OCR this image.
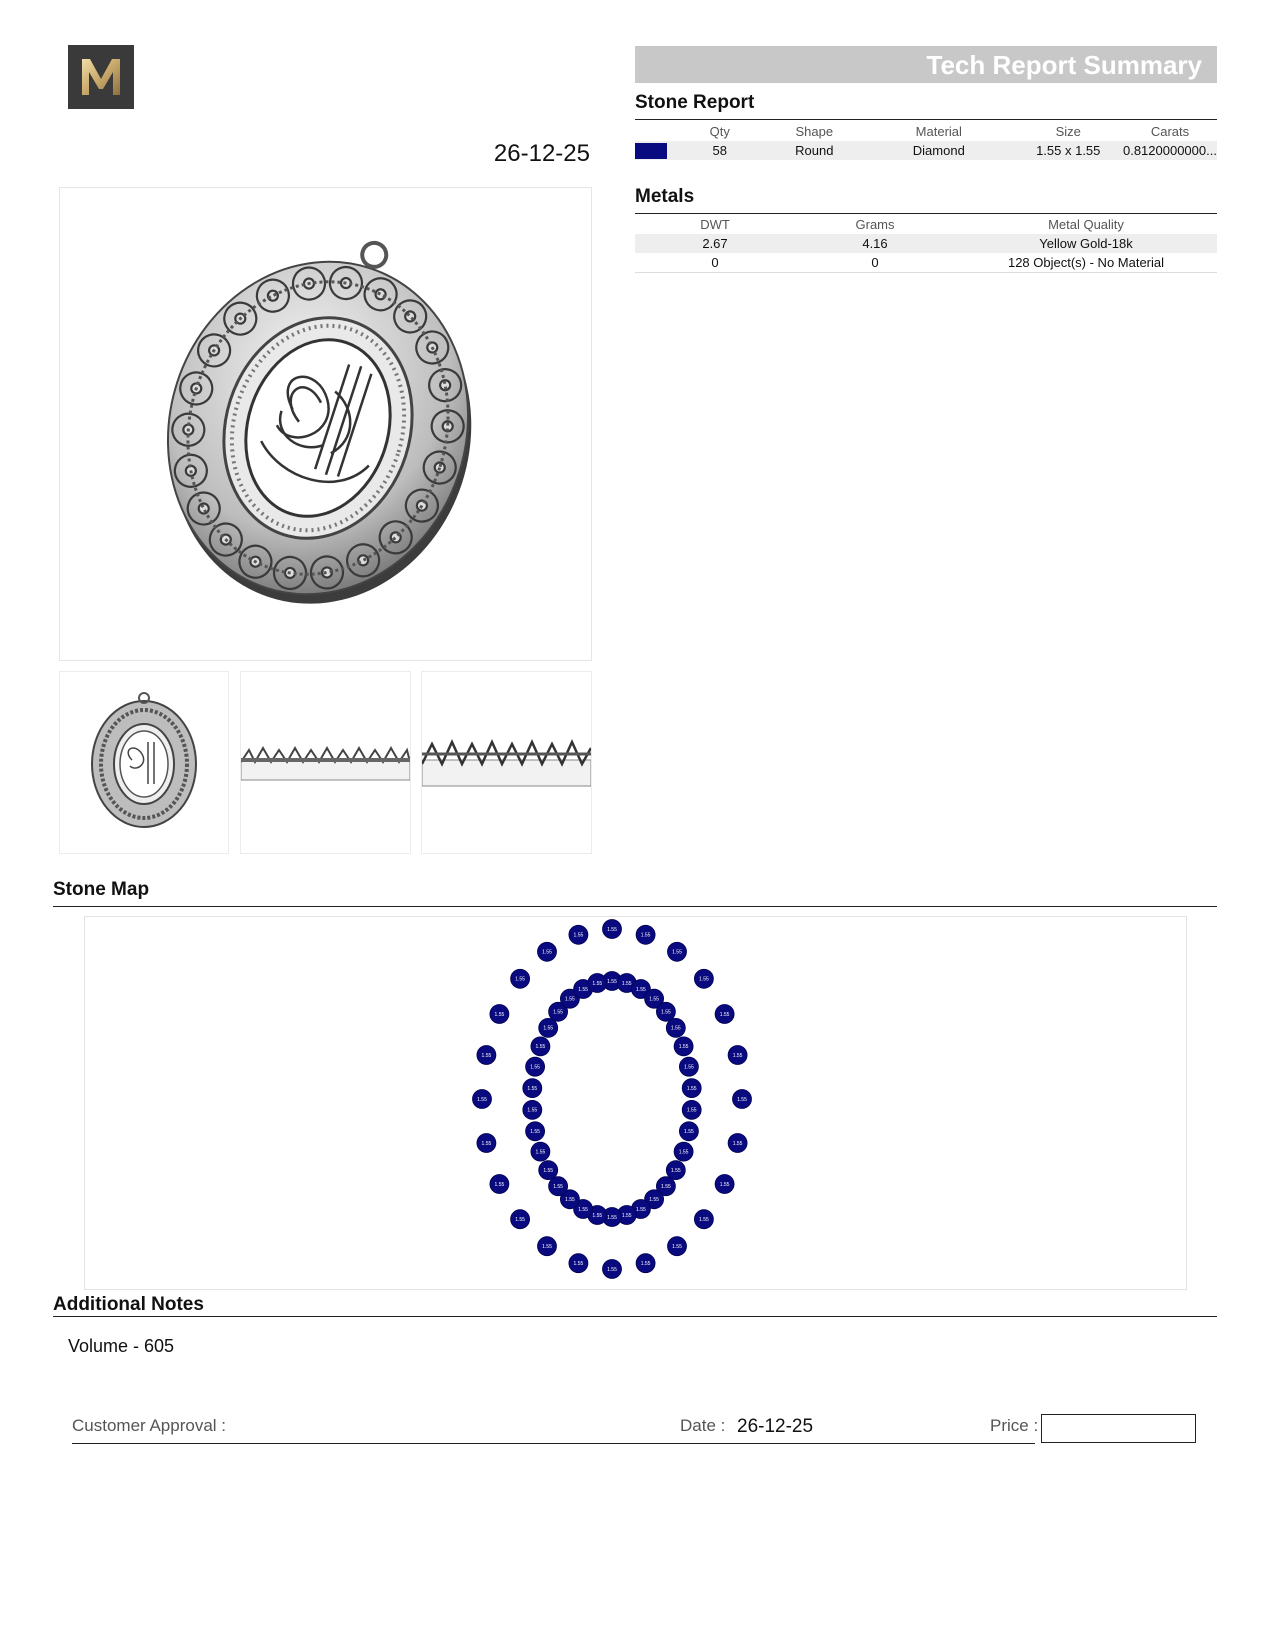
26-12-25
Tech Report Summary
Stone Report
	Qty	Shape	Material	Size	Carats
	58	Round	Diamond	1.55 x 1.55	0.8120000000...
Metals
DWT	Grams	Metal Quality
2.67	4.16	Yellow Gold-18k
0	0	128 Object(s) - No Material
Stone Map
1.55
1.55
1.55
1.55
1.55
1.55
1.55
1.55
1.55
1.55
1.55
1.55
1.55
1.55
1.55
1.55
1.55
1.55
1.55
1.55
1.55
1.55
1.55
1.55
1.55 1.55
1.55
1.55
1.55
1.55
1.55
1.55
1.55
1.55
1.55
1.55
1.55
1.55
1.55
1.55
1.55
1.55
1.55
1.55
1.55
1.55
1.55
1.55
1.55
1.55
1.55
1.55
1.55
1.55
1.55
1.55
1.55
1.55
Additional Notes
Volume - 605
Customer Approval :	Date : 26-12-25	Price :
